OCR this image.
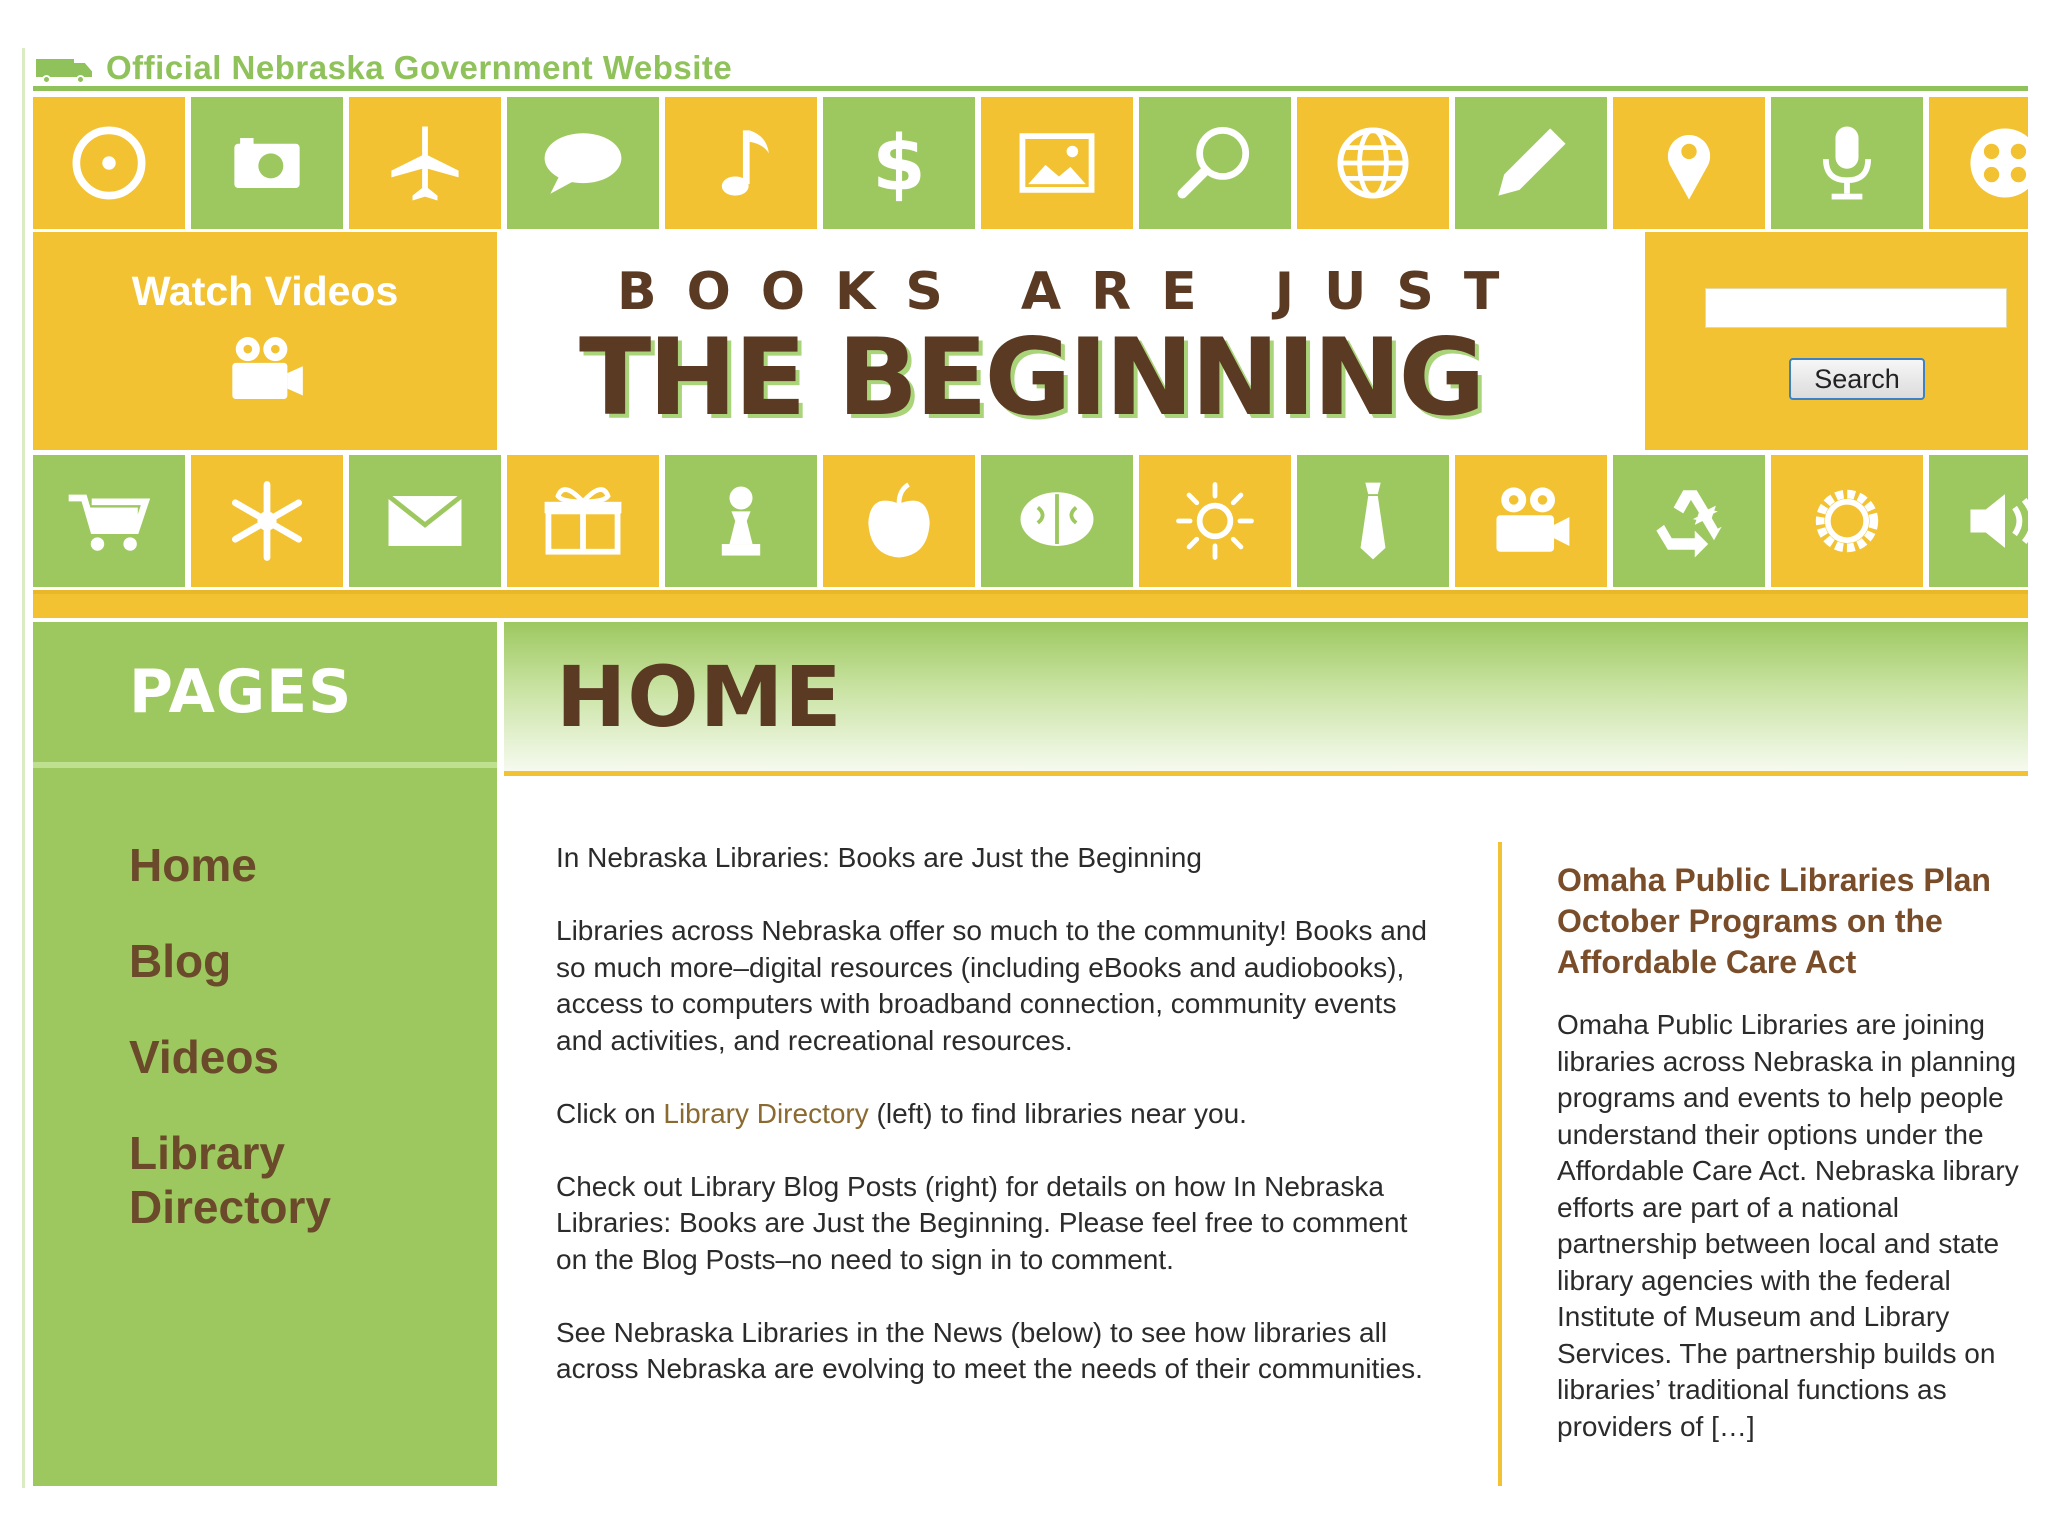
Official Nebraska Government Website
$
Watch Videos	BOOKS ARE JUST
THE BEGINNING	Search
PAGES
Home
Blog
Videos
Library Directory
HOME

In Nebraska Libraries: Books are Just the Beginning

Libraries across Nebraska offer so much to the community! Books and so much more–digital resources (including eBooks and audiobooks), access to computers with broadband connection, community events and activities, and recreational resources.

Click on Library Directory (left) to find libraries near you.

Check out Library Blog Posts (right) for details on how In Nebraska Libraries: Books are Just the Beginning. Please feel free to comment on the Blog Posts–no need to sign in to comment.

See Nebraska Libraries in the News (below) to see how libraries all across Nebraska are evolving to meet the needs of their communities.

Omaha Public Libraries Plan October Programs on the Affordable Care Act

Omaha Public Libraries are joining libraries across Nebraska in planning programs and events to help people understand their options under the Affordable Care Act. Nebraska library efforts are part of a national partnership between local and state library agencies with the federal Institute of Museum and Library Services. The partnership builds on libraries’ traditional functions as providers of […]
